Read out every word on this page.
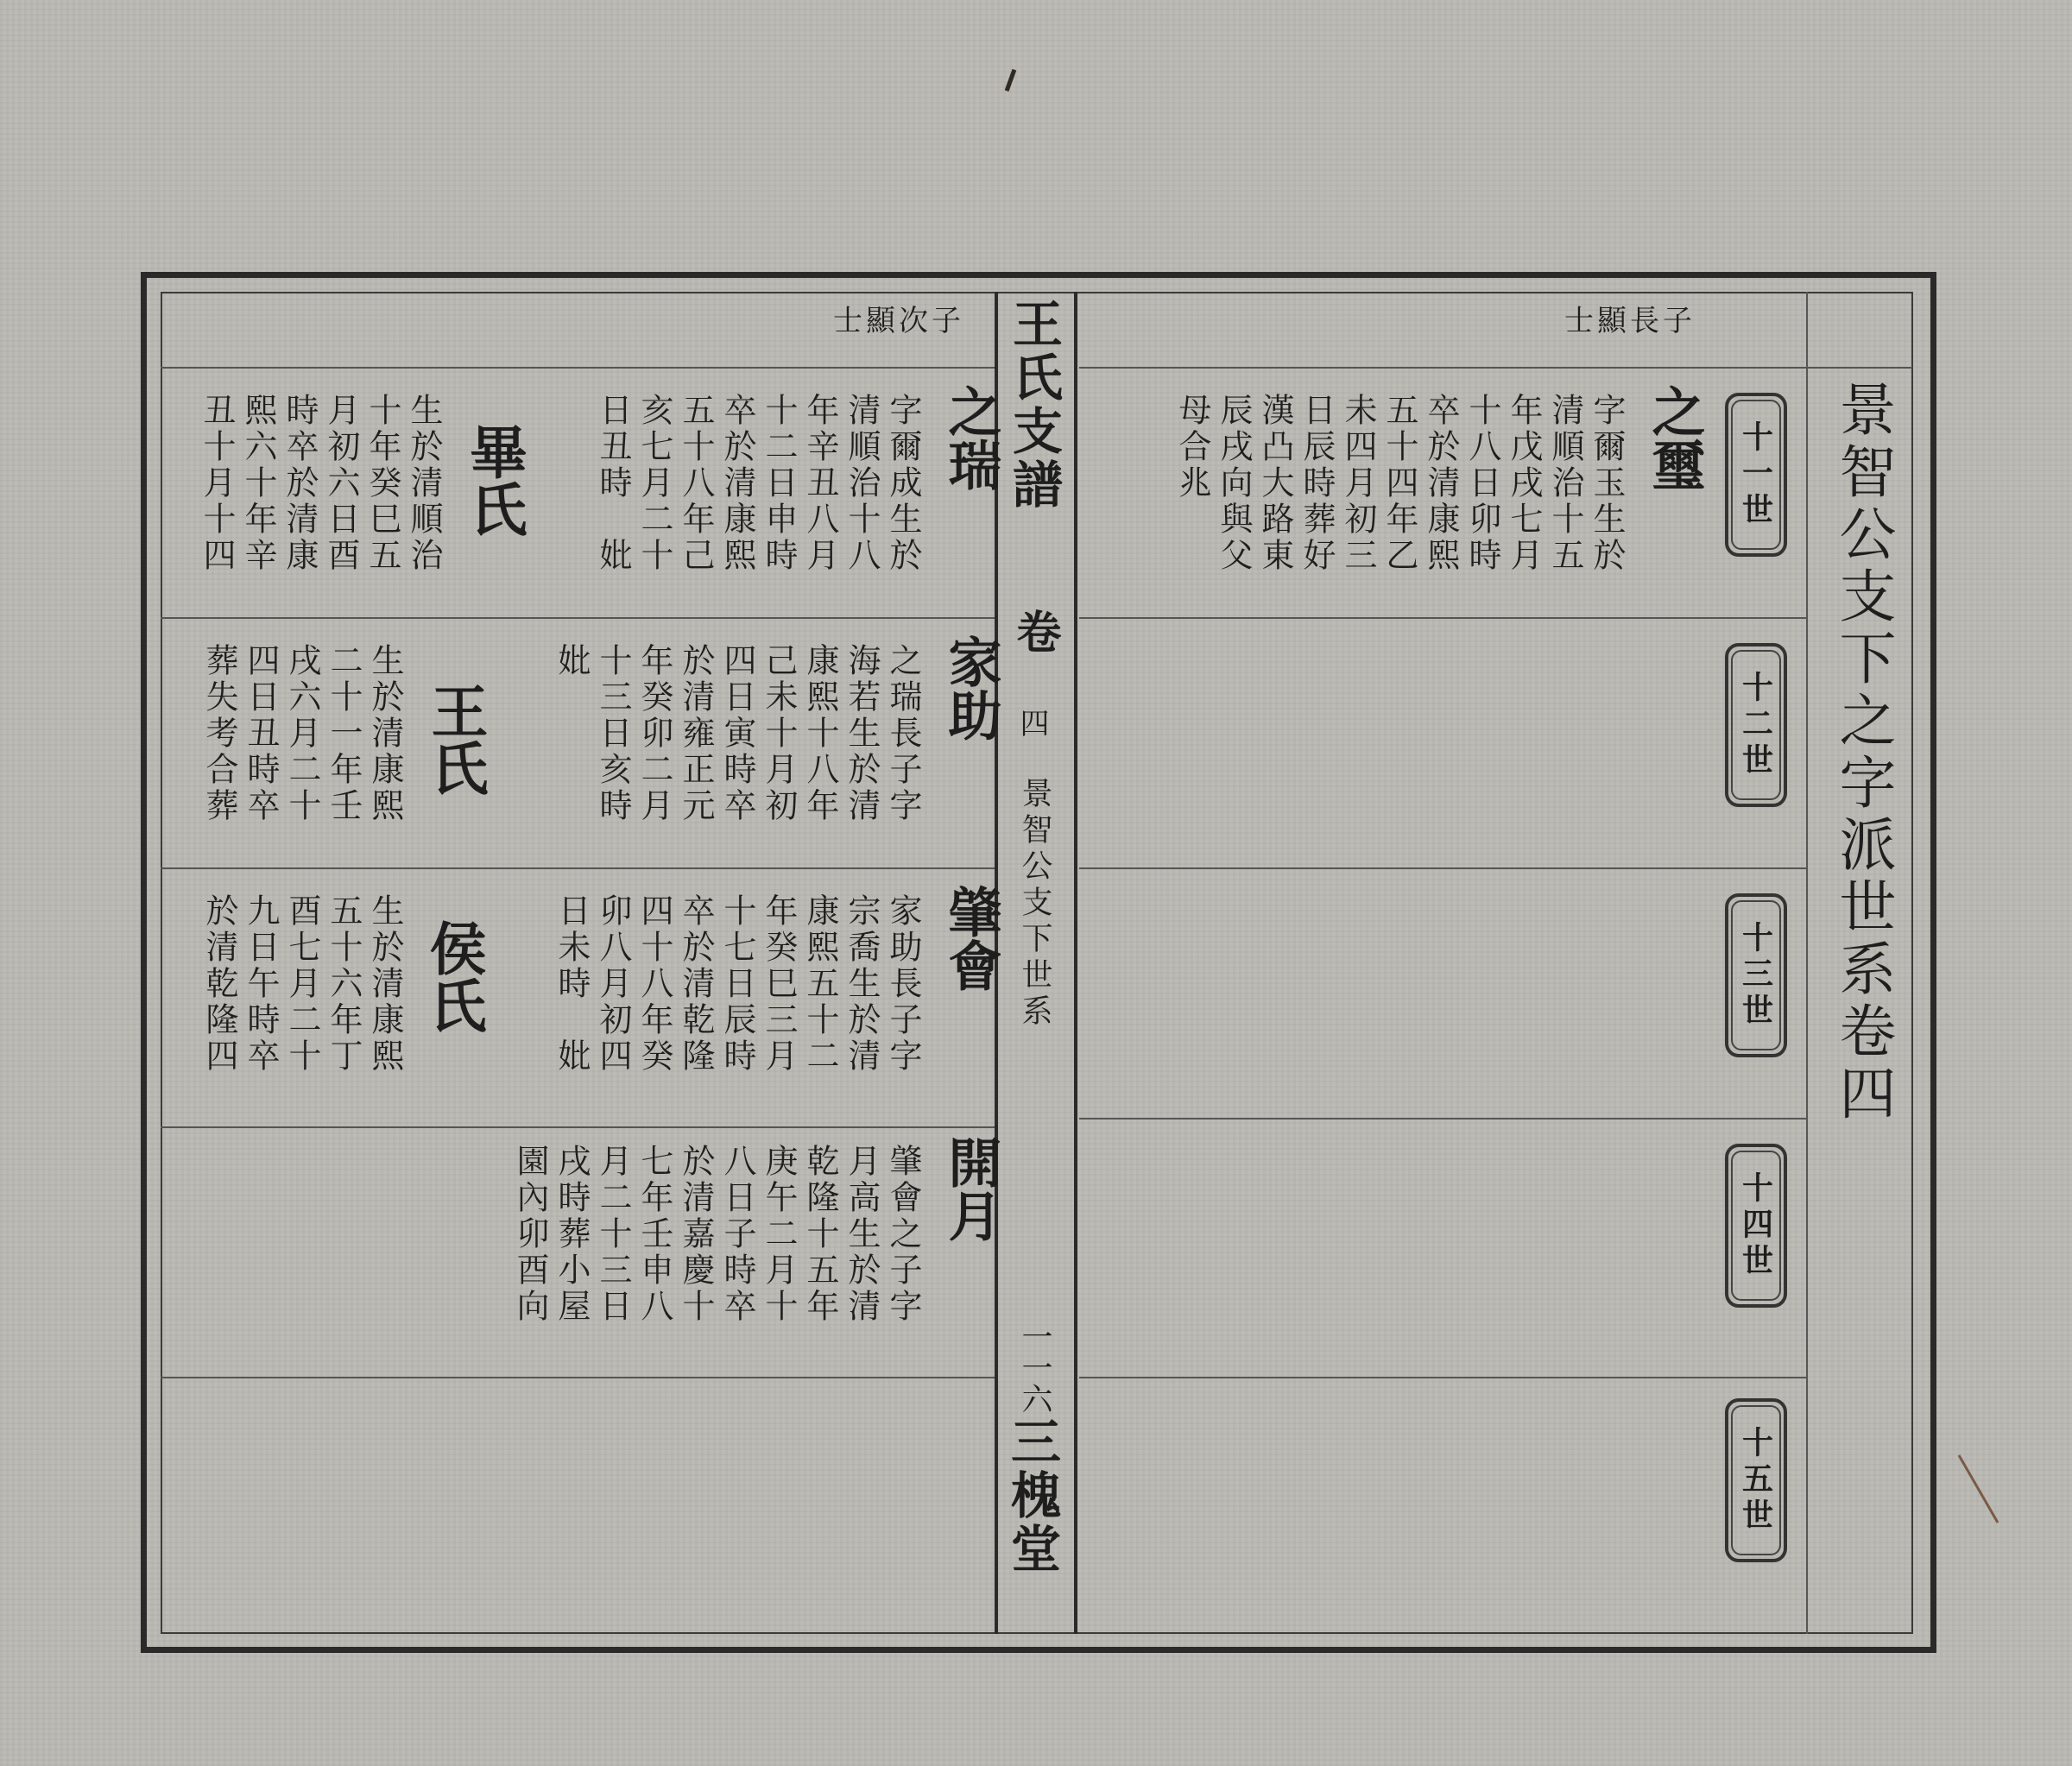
王氏支譜
卷
四
景智公支下世系
一一六
三槐堂
士顯長子
景智公支下之字派世系卷四
十一世
十二世
十三世
十四世
十五世
之璽
字爾玉生於 清順治十五 年戊戌七月 十八日卯時 卒於清康熙 五十四年乙 未四月初三 日辰時葬好 漢凸大路東 辰戌向與父 母合兆
士顯次子
之瑞
字爾成生於 清順治十八 年辛丑八月 十二日申時 卒於清康熙 五十八年己 亥七月二十 日丑時　妣
畢氏
生於清順治 十年癸巳五 月初六日酉 時卒於清康 熙六十年辛 丑十月十四
家助
之瑞長子字 海若生於清 康熙十八年 己未十月初 四日寅時卒 於清雍正元 年癸卯二月 十三日亥時　妣
王氏
生於清康熙 二十一年壬 戌六月二十 四日丑時卒 葬失考合葬
肇會
家助長子字 宗喬生於清 康熙五十二 年癸巳三月 十七日辰時 卒於清乾隆 四十八年癸 卯八月初四 日未時　妣
侯氏
生於清康熙 五十六年丁 酉七月二十 九日午時卒 於清乾隆四
開月
肇會之子字 月高生於清 乾隆十五年 庚午二月十 八日子時卒 於清嘉慶十 七年壬申八 月二十三日 戌時葬小屋 園內卯酉向
